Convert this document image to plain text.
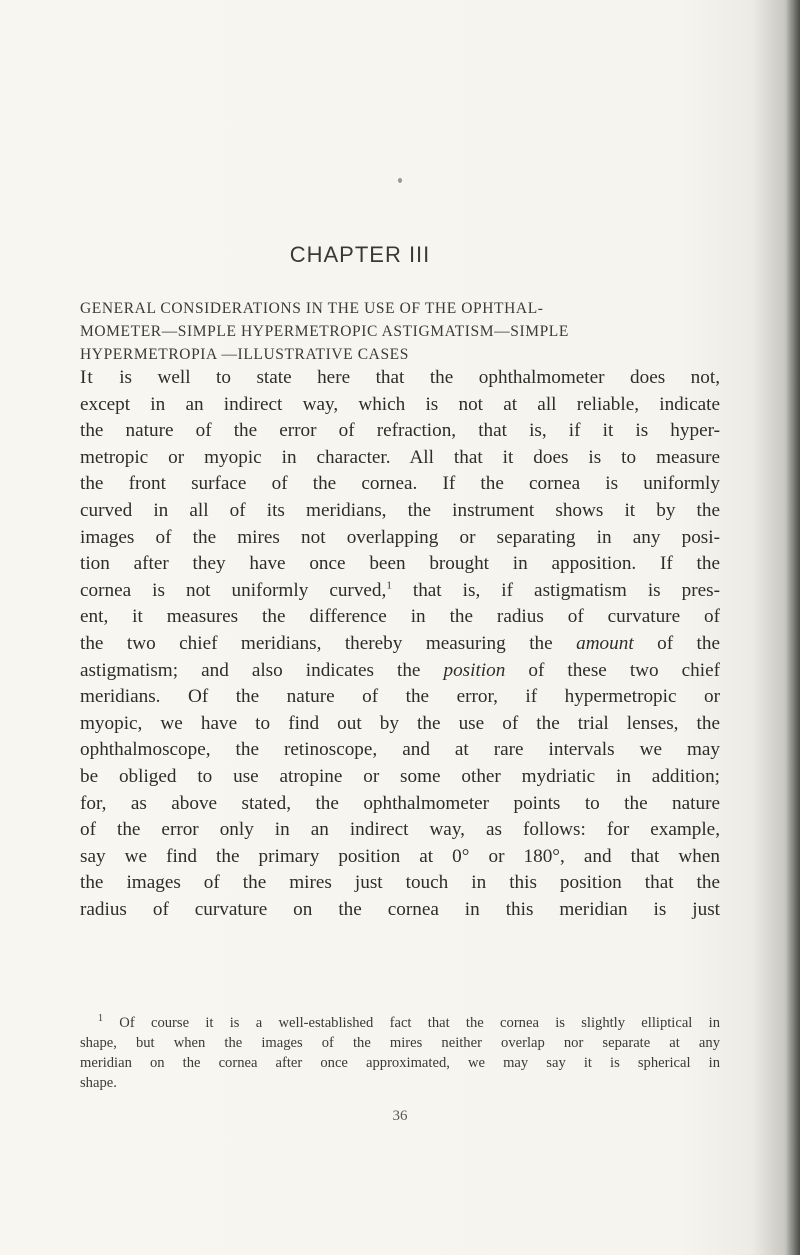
CHAPTER III
GENERAL CONSIDERATIONS IN THE USE OF THE OPHTHAL-
MOMETER—SIMPLE HYPERMETROPIC ASTIGMATISM—SIMPLE
HYPERMETROPIA —ILLUSTRATIVE CASES
It is well to state here that the ophthalmometer does not,
except in an indirect way, which is not at all reliable, indicate
the nature of the error of refraction, that is, if it is hyper-
metropic or myopic in character. All that it does is to measure
the front surface of the cornea. If the cornea is uniformly
curved in all of its meridians, the instrument shows it by the
images of the mires not overlapping or separating in any posi-
tion after they have once been brought in apposition. If the
cornea is not uniformly curved,$^1$ that is, if astigmatism is pres-
ent, it measures the difference in the radius of curvature of
the two chief meridians, thereby measuring the amount of the
astigmatism; and also indicates the position of these two chief
meridians. Of the nature of the error, if hypermetropic or
myopic, we have to find out by the use of the trial lenses, the
ophthalmoscope, the retinoscope, and at rare intervals we may
be obliged to use atropine or some other mydriatic in addition;
for, as above stated, the ophthalmometer points to the nature
of the error only in an indirect way, as follows: for example,
say we find the primary position at 0° or 180°, and that when
the images of the mires just touch in this position that the
radius of curvature on the cornea in this meridian is just
$^1$ Of course it is a well-established fact that the cornea is slightly elliptical in
shape, but when the images of the mires neither overlap nor separate at any
meridian on the cornea after once approximated, we may say it is spherical in
shape.
36
